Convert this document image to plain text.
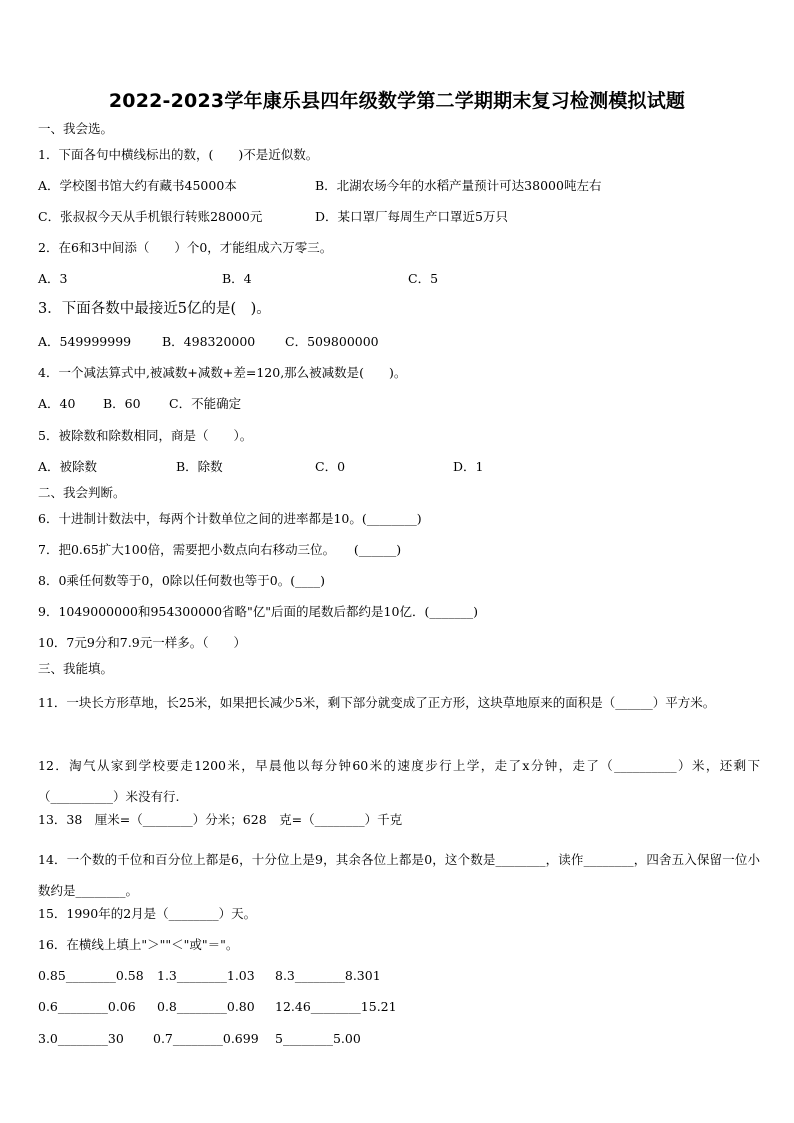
2022-2023学年康乐县四年级数学第二学期期末复习检测模拟试题
一、我会选。
1．下面各句中横线标出的数，(　　)不是近似数。
A．学校图书馆大约有藏书45000本	B．北湖农场今年的水稻产量预计可达38000吨左右
C．张叔叔今天从手机银行转账28000元	D．某口罩厂每周生产口罩近5万只
2．在6和3中间添（　　）个0，才能组成六万零三。
A．3	B．4	C．5
3．下面各数中最接近5亿的是(　)。
A．549999999 B．498320000 C．509800000
4．一个减法算式中,被减数+减数+差=120,那么被减数是(　　)。
A．40 B．60 C．不能确定
5．被除数和除数相同，商是（　　）。
A．被除数	B．除数	C．0	D．1
二、我会判断。
6．十进制计数法中，每两个计数单位之间的进率都是10。(________)
7．把0.65扩大100倍，需要把小数点向右移动三位。　　(______)
8．0乘任何数等于0，0除以任何数也等于0。(____)
9．1049000000和954300000省略"亿"后面的尾数后都约是10亿．(_______)
10．7元9分和7.9元一样多。（　　）
三、我能填。
11．一块长方形草地，长25米，如果把长减少5米，剩下部分就变成了正方形，这块草地原来的面积是（______）平方米。
12．淘气从家到学校要走1200米，早晨他以每分钟60米的速度步行上学，走了x分钟，走了（__________）米，还剩下（__________）米没有行.
13．38　厘米=（________）分米；628　克=（________）千克
14．一个数的千位和百分位上都是6，十分位上是9，其余各位上都是0，这个数是________，读作________，四舍五入保留一位小数约是________。
15．1990年的2月是（________）天。
16．在横线上填上"＞""＜"或"＝"。
0.85________0.58 1.3________1.03 8.3________8.301
0.6________0.06 0.8________0.80 12.46________15.21
3.0________30 0.7________0.699 5________5.00
